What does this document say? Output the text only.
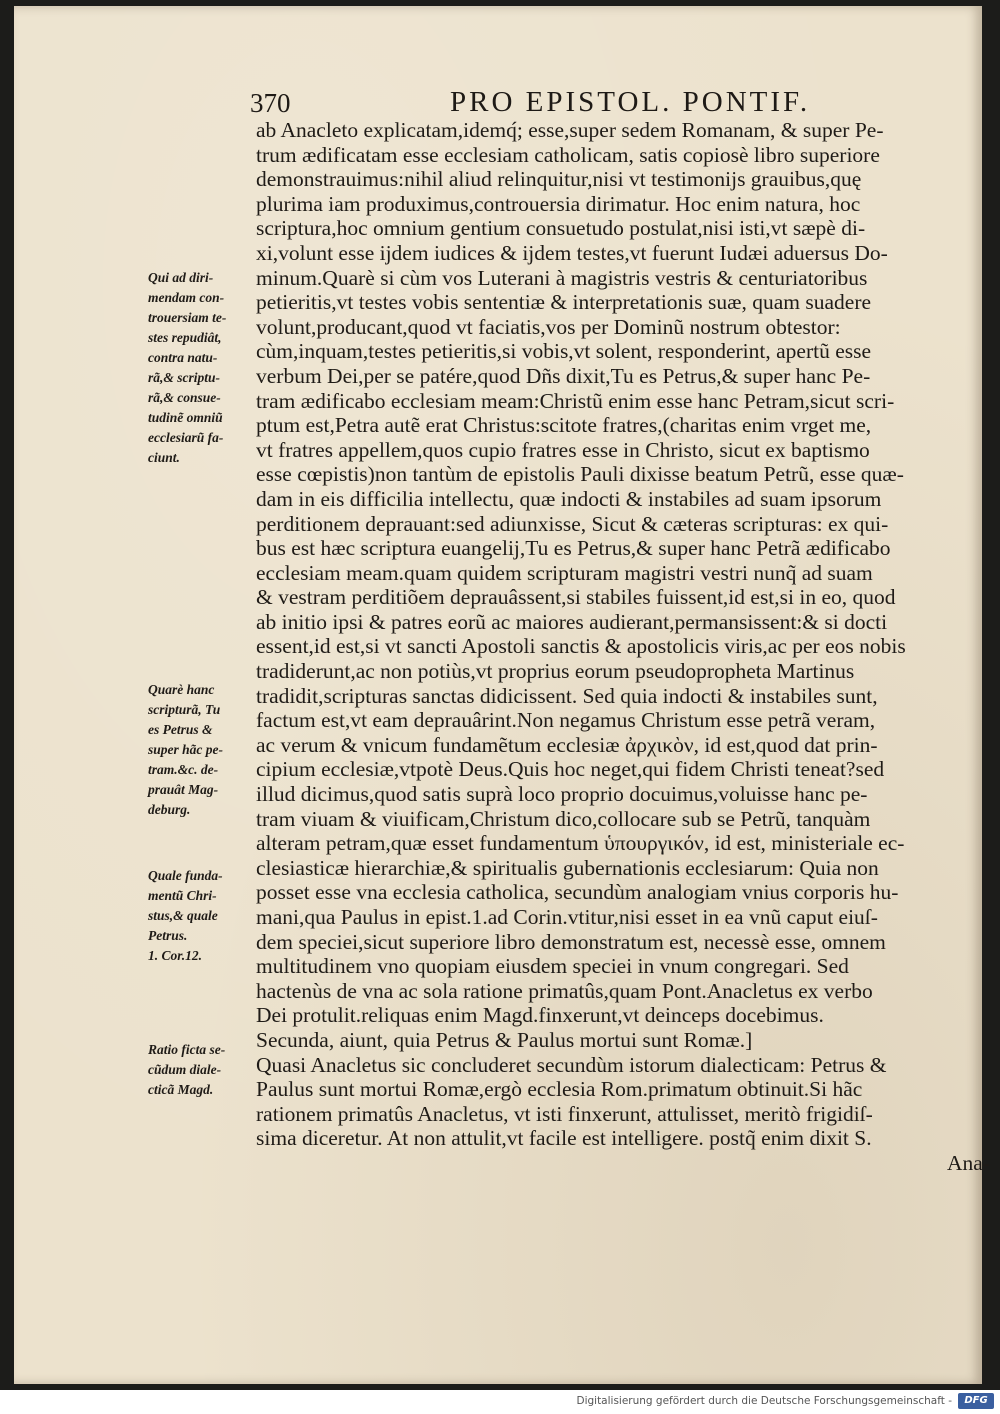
370	PRO EPISTOL. PONTIF.
ab Anacleto explicatam,idemq́; esse,super sedem Romanam, & super Pe-
trum ædificatam esse ecclesiam catholicam, satis copiosè libro superiore
demonstrauimus:nihil aliud relinquitur,nisi vt testimonijs grauibus,quę
plurima iam produximus,controuersia dirimatur. Hoc enim natura, hoc
scriptura,hoc omnium gentium consuetudo postulat,nisi isti,vt sæpè di-
xi,volunt esse ijdem iudices & ijdem testes,vt fuerunt Iudæi aduersus Do-
minum.Quarè si cùm vos Luterani à magistris vestris & centuriatoribus
petieritis,vt testes vobis sententiæ & interpretationis suæ, quam suadere
volunt,producant,quod vt faciatis,vos per Dominũ nostrum obtestor:
cùm,inquam,testes petieritis,si vobis,vt solent, responderint, apertũ esse
verbum Dei,per se patére,quod Dñs dixit,Tu es Petrus,& super hanc Pe-
tram ædificabo ecclesiam meam:Christũ enim esse hanc Petram,sicut scri-
ptum est,Petra autẽ erat Christus:scitote fratres,(charitas enim vrget me,
vt fratres appellem,quos cupio fratres esse in Christo, sicut ex baptismo
esse cœpistis)non tantùm de epistolis Pauli dixisse beatum Petrũ, esse quæ-
dam in eis difficilia intellectu, quæ indocti & instabiles ad suam ipsorum
perditionem deprauant:sed adiunxisse, Sicut & cæteras scripturas: ex qui-
bus est hæc scriptura euangelij,Tu es Petrus,& super hanc Petrã ædificabo
ecclesiam meam.quam quidem scripturam magistri vestri nunq̃ ad suam
& vestram perditiõem deprauâssent,si stabiles fuissent,id est,si in eo, quod
ab initio ipsi & patres eorũ ac maiores audierant,permansissent:& si docti
essent,id est,si vt sancti Apostoli sanctis & apostolicis viris,ac per eos nobis
tradiderunt,ac non potiùs,vt proprius eorum pseudopropheta Martinus
tradidit,scripturas sanctas didicissent. Sed quia indocti & instabiles sunt,
factum est,vt eam deprauârint.Non negamus Christum esse petrã veram,
ac verum & vnicum fundamẽtum ecclesiæ ἀρχικὸν, id est,quod dat prin-
cipium ecclesiæ,vtpotè Deus.Quis hoc neget,qui fidem Christi teneat?sed
illud dicimus,quod satis suprà loco proprio docuimus,voluisse hanc pe-
tram viuam & viuificam,Christum dico,collocare sub se Petrũ, tanquàm
alteram petram,quæ esset fundamentum ὑπουργικόν, id est, ministeriale ec-
clesiasticæ hierarchiæ,& spiritualis gubernationis ecclesiarum: Quia non
posset esse vna ecclesia catholica, secundùm analogiam vnius corporis hu-
mani,qua Paulus in epist.1.ad Corin.vtitur,nisi esset in ea vnũ caput eiuſ-
dem speciei,sicut superiore libro demonstratum est, necessè esse, omnem
multitudinem vno quopiam eiusdem speciei in vnum congregari. Sed
hactenùs de vna ac sola ratione primatûs,quam Pont.Anacletus ex verbo
Dei protulit.reliquas enim Magd.finxerunt,vt deinceps docebimus.
Secunda, aiunt, quia Petrus & Paulus mortui sunt Romæ.]
Quasi Anacletus sic concluderet secundùm istorum dialecticam: Petrus &
Paulus sunt mortui Romæ,ergò ecclesia Rom.primatum obtinuit.Si hãc
rationem primatûs Anacletus, vt isti finxerunt, attulisset, meritò frigidiſ-
sima diceretur. At non attulit,vt facile est intelligere. postq̃ enim dixit S.
Ana-
Qui ad diri-
mendam con-
trouersiam te-
stes repudiât,
contra natu-
rã,& scriptu-
rã,& consue-
tudinẽ omniũ
ecclesiarũ fa-
ciunt.
Quarè hanc
scripturã, Tu
es Petrus &
super hãc pe-
tram.&c. de-
prauât Mag-
deburg.
Quale funda-
mentũ Chri-
stus,& quale
Petrus.
1. Cor.12.
Ratio ficta se-
cũdum diale-
cticã Magd.
Digitalisierung gefördert durch die Deutsche Forschungsgemeinschaft -	DFG
